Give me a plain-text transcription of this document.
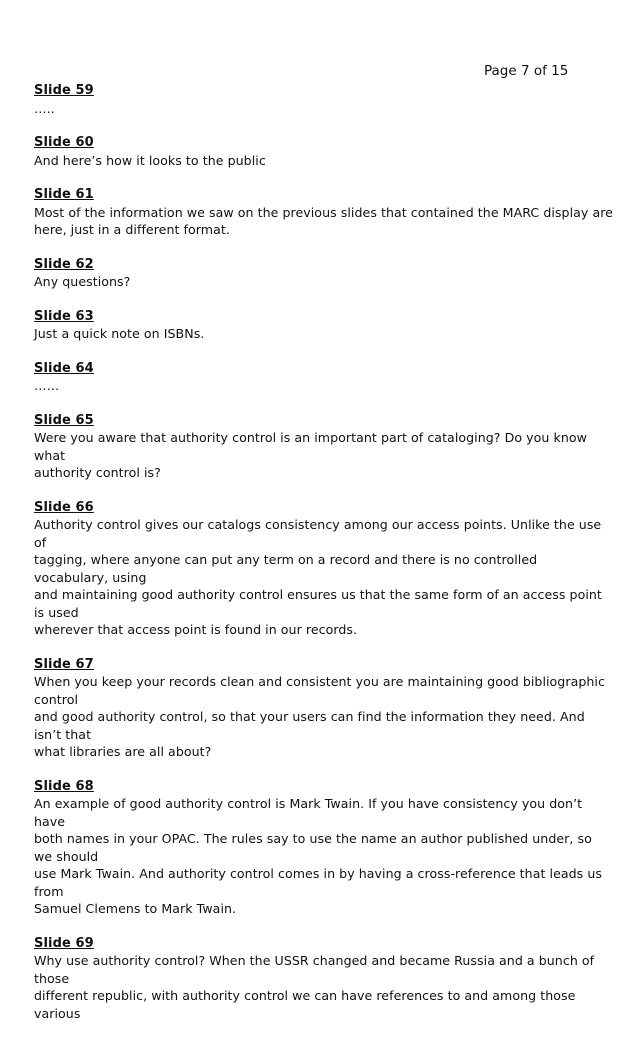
Page 7 of 15
Slide 59
…..
Slide 60
And here’s how it looks to the public
Slide 61
Most of the information we saw on the previous slides that contained the MARC display are
here, just in a different format.
Slide 62
Any questions?
Slide 63
Just a quick note on ISBNs.
Slide 64
……
Slide 65
Were you aware that authority control is an important part of cataloging? Do you know what
authority control is?
Slide 66
Authority control gives our catalogs consistency among our access points. Unlike the use of
tagging, where anyone can put any term on a record and there is no controlled vocabulary, using
and maintaining good authority control ensures us that the same form of an access point is used
wherever that access point is found in our records.
Slide 67
When you keep your records clean and consistent you are maintaining good bibliographic control
and good authority control, so that your users can find the information they need. And isn’t that
what libraries are all about?
Slide 68
An example of good authority control is Mark Twain. If you have consistency you don’t have
both names in your OPAC. The rules say to use the name an author published under, so we should
use Mark Twain. And authority control comes in by having a cross-reference that leads us from
Samuel Clemens to Mark Twain.
Slide 69
Why use authority control? When the USSR changed and became Russia and a bunch of those
different republic, with authority control we can have references to and among those various
